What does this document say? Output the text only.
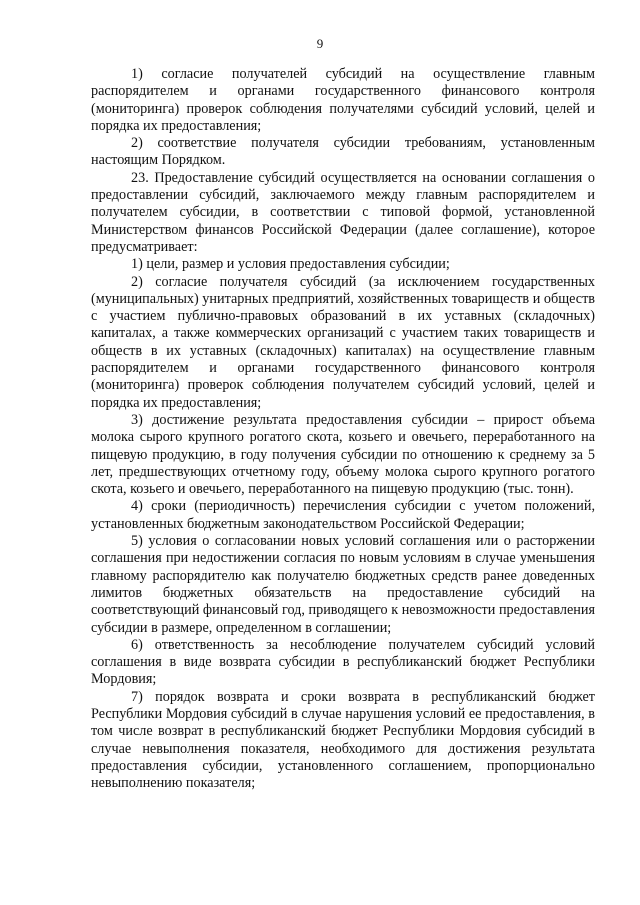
9

1) согласие получателей субсидий на осуществление главным распорядителем и органами государственного финансового контроля (мониторинга) проверок соблюдения получателями субсидий условий, целей и порядка их предоставления;

2) соответствие получателя субсидии требованиям, установленным настоящим Порядком.

23. Предоставление субсидий осуществляется на основании соглашения о предоставлении субсидий, заключаемого между главным распорядителем и получателем субсидии, в соответствии с типовой формой, установленной Министерством финансов Российской Федерации (далее соглашение), которое предусматривает:

1) цели, размер и условия предоставления субсидии;

2) согласие получателя субсидий (за исключением государственных (муниципальных) унитарных предприятий, хозяйственных товариществ и обществ с участием публично-правовых образований в их уставных (складочных) капиталах, а также коммерческих организаций с участием таких товариществ и обществ в их уставных (складочных) капиталах) на осуществление главным распорядителем и органами государственного финансового контроля (мониторинга) проверок соблюдения получателем субсидий условий, целей и порядка их предоставления;

3) достижение результата предоставления субсидии – прирост объема молока сырого крупного рогатого скота, козьего и овечьего, переработанного на пищевую продукцию, в году получения субсидии по отношению к среднему за 5 лет, предшествующих отчетному году, объему молока сырого крупного рогатого скота, козьего и овечьего, переработанного на пищевую продукцию (тыс. тонн).

4) сроки (периодичность) перечисления субсидии с учетом положений, установленных бюджетным законодательством Российской Федерации;

5) условия о согласовании новых условий соглашения или о расторжении соглашения при недостижении согласия по новым условиям в случае уменьшения главному распорядителю как получателю бюджетных средств ранее доведенных лимитов бюджетных обязательств на предоставление субсидий на соответствующий финансовый год, приводящего к невозможности предоставления субсидии в размере, определенном в соглашении;

6) ответственность за несоблюдение получателем субсидий условий соглашения в виде возврата субсидии в республиканский бюджет Республики Мордовия;

7) порядок возврата и сроки возврата в республиканский бюджет Республики Мордовия субсидий в случае нарушения условий ее предоставления, в том числе возврат в республиканский бюджет Республики Мордовия субсидий в случае невыполнения показателя, необходимого для достижения результата предоставления субсидии, установленного соглашением, пропорционально невыполнению показателя;
